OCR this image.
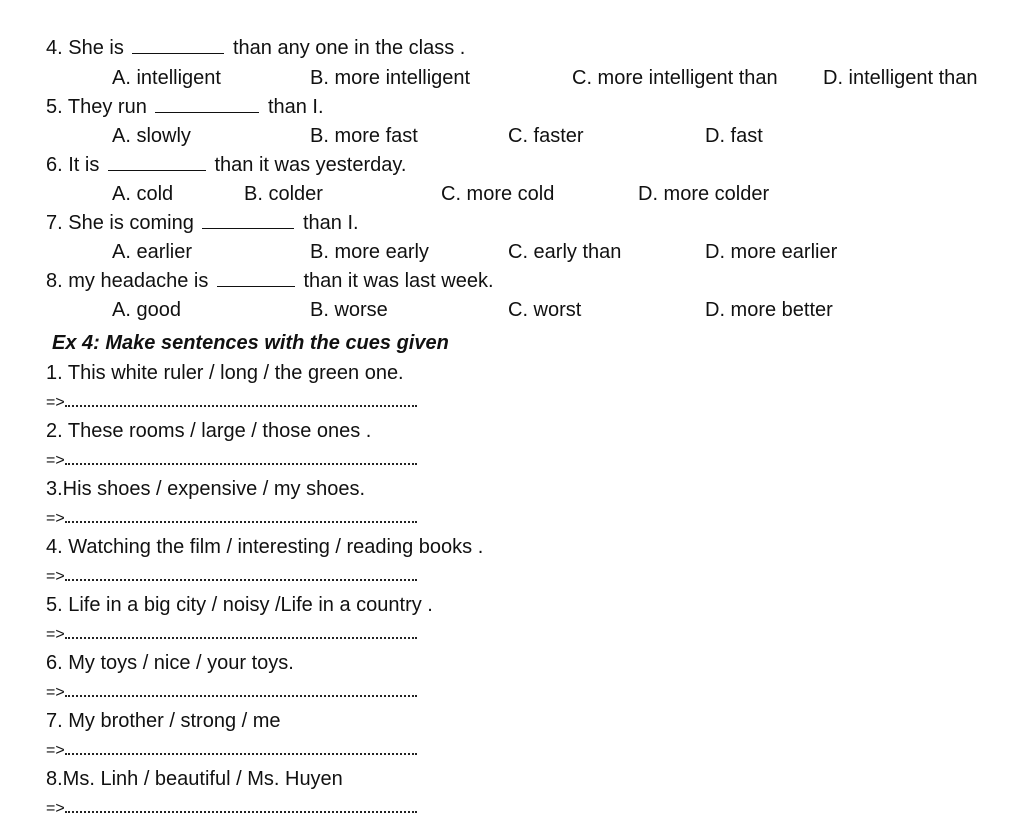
4. She is	than any one in the class .
A. intelligent	B. more intelligent	C. more intelligent than D. intelligent than
5. They run	than I.
A. slowly	B. more fast	C. faster	D. fast
6. It is	than it was yesterday.
A. cold	B. colder	C. more cold	D. more colder
7. She is coming	than I.
A. earlier	B. more early	C. early than	D. more earlier
8. my headache is	than it was last week.
A. good	B. worse	C. worst	D. more better
Ex 4: Make sentences with the cues given
1. This white ruler / long / the green one.
=>
2. These rooms / large / those ones .
=>
3.His shoes / expensive / my shoes.
=>
4. Watching the film / interesting / reading books .
=>
5. Life in a big city / noisy /Life in a country .
=>
6. My toys / nice / your toys.
=>
7. My brother / strong / me
=>
8.Ms. Linh / beautiful / Ms. Huyen
=>
